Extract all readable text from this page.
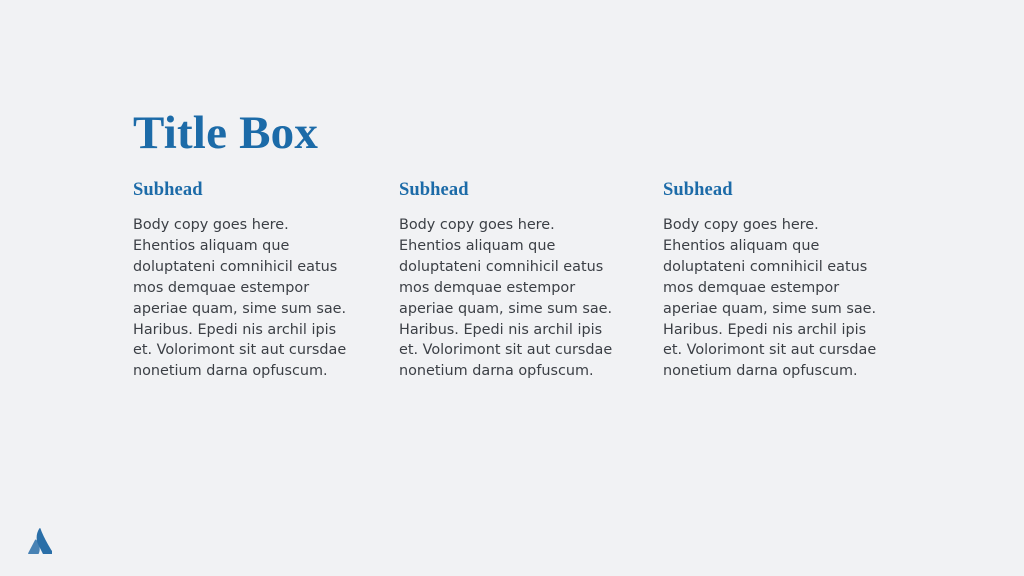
Title Box
Subhead

Body copy goes here. Ehentios aliquam que doluptateni comnihicil eatus mos demquae estempor aperiae quam, sime sum sae. Haribus. Epedi nis archil ipis et. Volorimont sit aut cursdae nonetium darna opfuscum.

Subhead

Body copy goes here. Ehentios aliquam que doluptateni comnihicil eatus mos demquae estempor aperiae quam, sime sum sae. Haribus. Epedi nis archil ipis et. Volorimont sit aut cursdae nonetium darna opfuscum.

Subhead

Body copy goes here. Ehentios aliquam que doluptateni comnihicil eatus mos demquae estempor aperiae quam, sime sum sae. Haribus. Epedi nis archil ipis et. Volorimont sit aut cursdae nonetium darna opfuscum.
